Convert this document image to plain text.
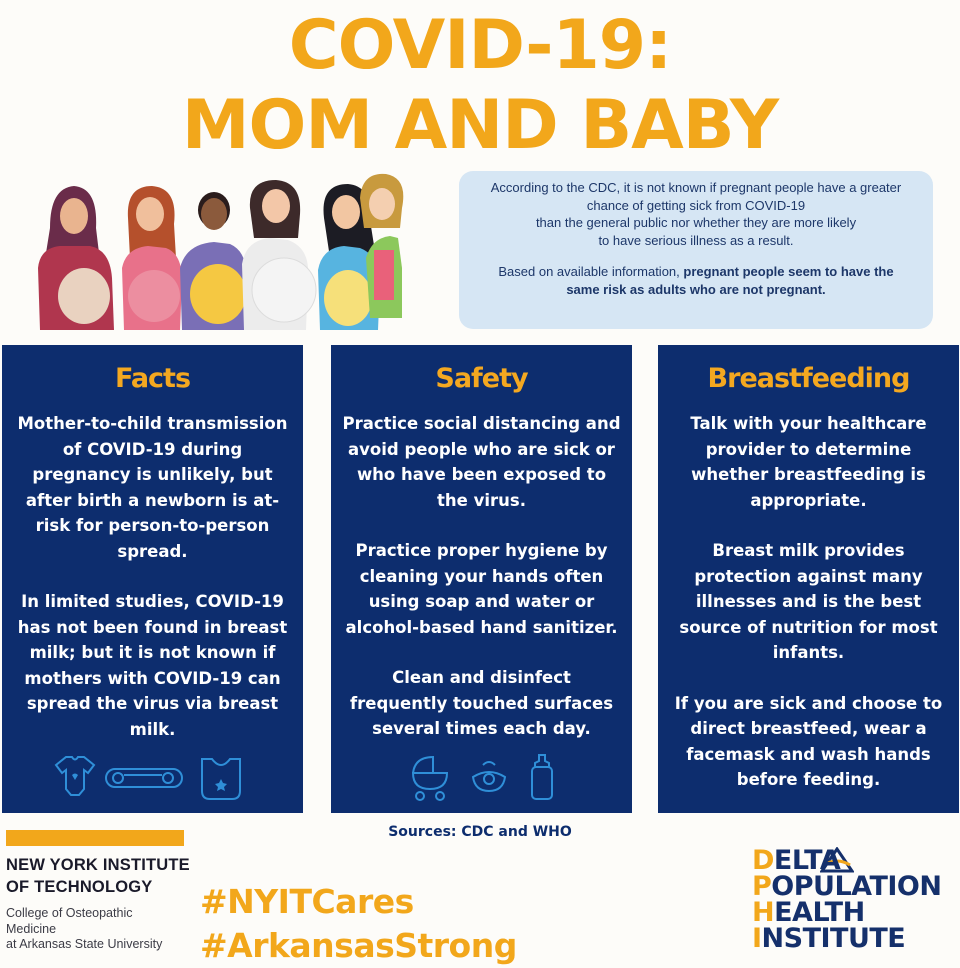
COVID-19:
MOM AND BABY

According to the CDC, it is not known if pregnant people have a greater

chance of getting sick from COVID-19

than the general public nor whether they are more likely

to have serious illness as a result.

Based on available information, pregnant people seem to have the

same risk as adults who are not pregnant.

Facts

Mother-to-child transmission of COVID-19 during pregnancy is unlikely, but after birth a newborn is at-risk for person-to-person spread.

In limited studies, COVID-19 has not been found in breast milk; but it is not known if mothers with COVID-19 can spread the virus via breast milk.

Safety

Practice social distancing and avoid people who are sick or who have been exposed to the virus.

Practice proper hygiene by cleaning your hands often using soap and water or alcohol-based hand sanitizer.

Clean and disinfect frequently touched surfaces several times each day.

Breastfeeding

Talk with your healthcare provider to determine whether breastfeeding is appropriate.

Breast milk provides protection against many illnesses and is the best source of nutrition for most infants.

If you are sick and choose to direct breastfeed, wear a facemask and wash hands before feeding.

Sources: CDC and WHO
NEW YORK INSTITUTE
OF TECHNOLOGY
College of Osteopathic Medicine
at Arkansas State University
#NYITCares #ArkansasStrong
DELTA
POPULATION
HEALTH
INSTITUTE
